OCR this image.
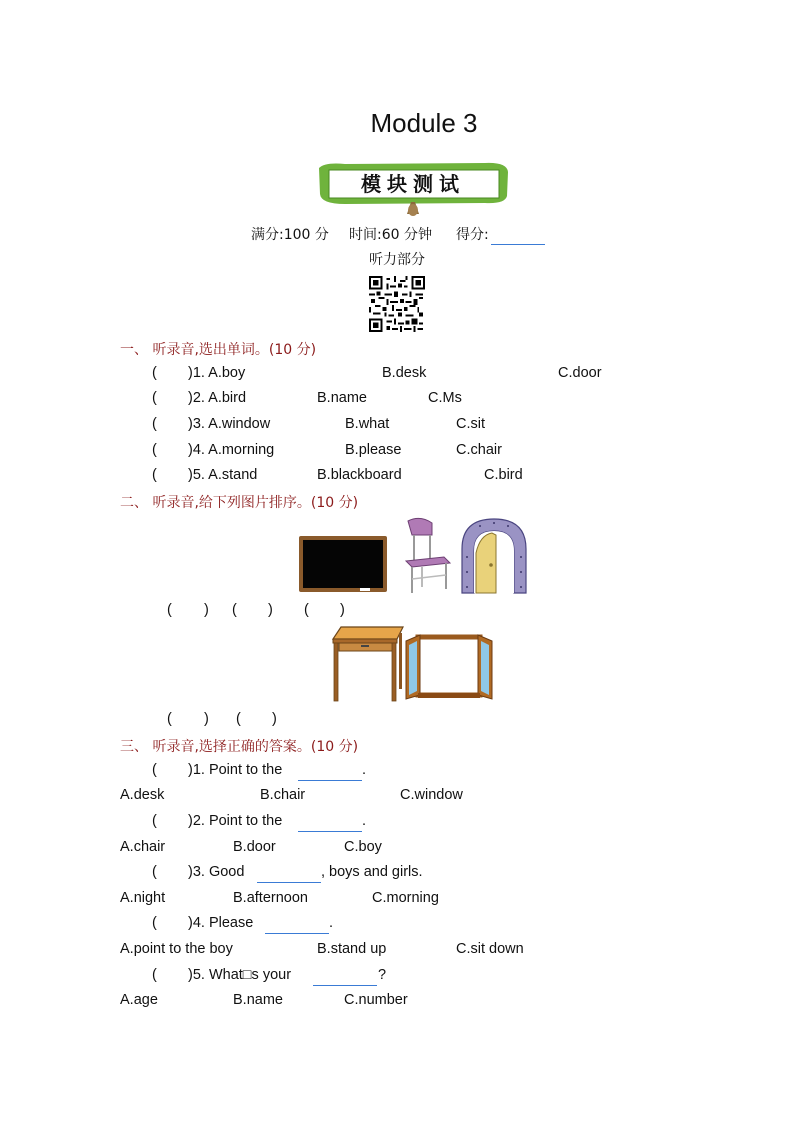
Module 3
模块测试
满分:100 分 时间:60 分钟 得分:
听力部分
一、 听录音,选出单词。(10 分)
( )1. A.boy	B.desk	C.door
( )2. A.bird	B.name	C.Ms
( )3. A.window	B.what	C.sit
( )4. A.morning	B.please	C.chair
( )5. A.stand	B.blackboard	C.bird
二、 听录音,给下列图片排序。(10 分)
( ) ( ) ( )
( ) ( )
三、 听录音,选择正确的答案。(10 分)
( )1. Point to the	.
A.desk	B.chair	C.window
( )2. Point to the	.
A.chair	B.door	C.boy
( )3. Good	, boys and girls.
A.night	B.afternoon	C.morning
( )4. Please	.
A.point to the boy	B.stand up	C.sit down
( )5. What□s your	?
A.age	B.name	C.number
